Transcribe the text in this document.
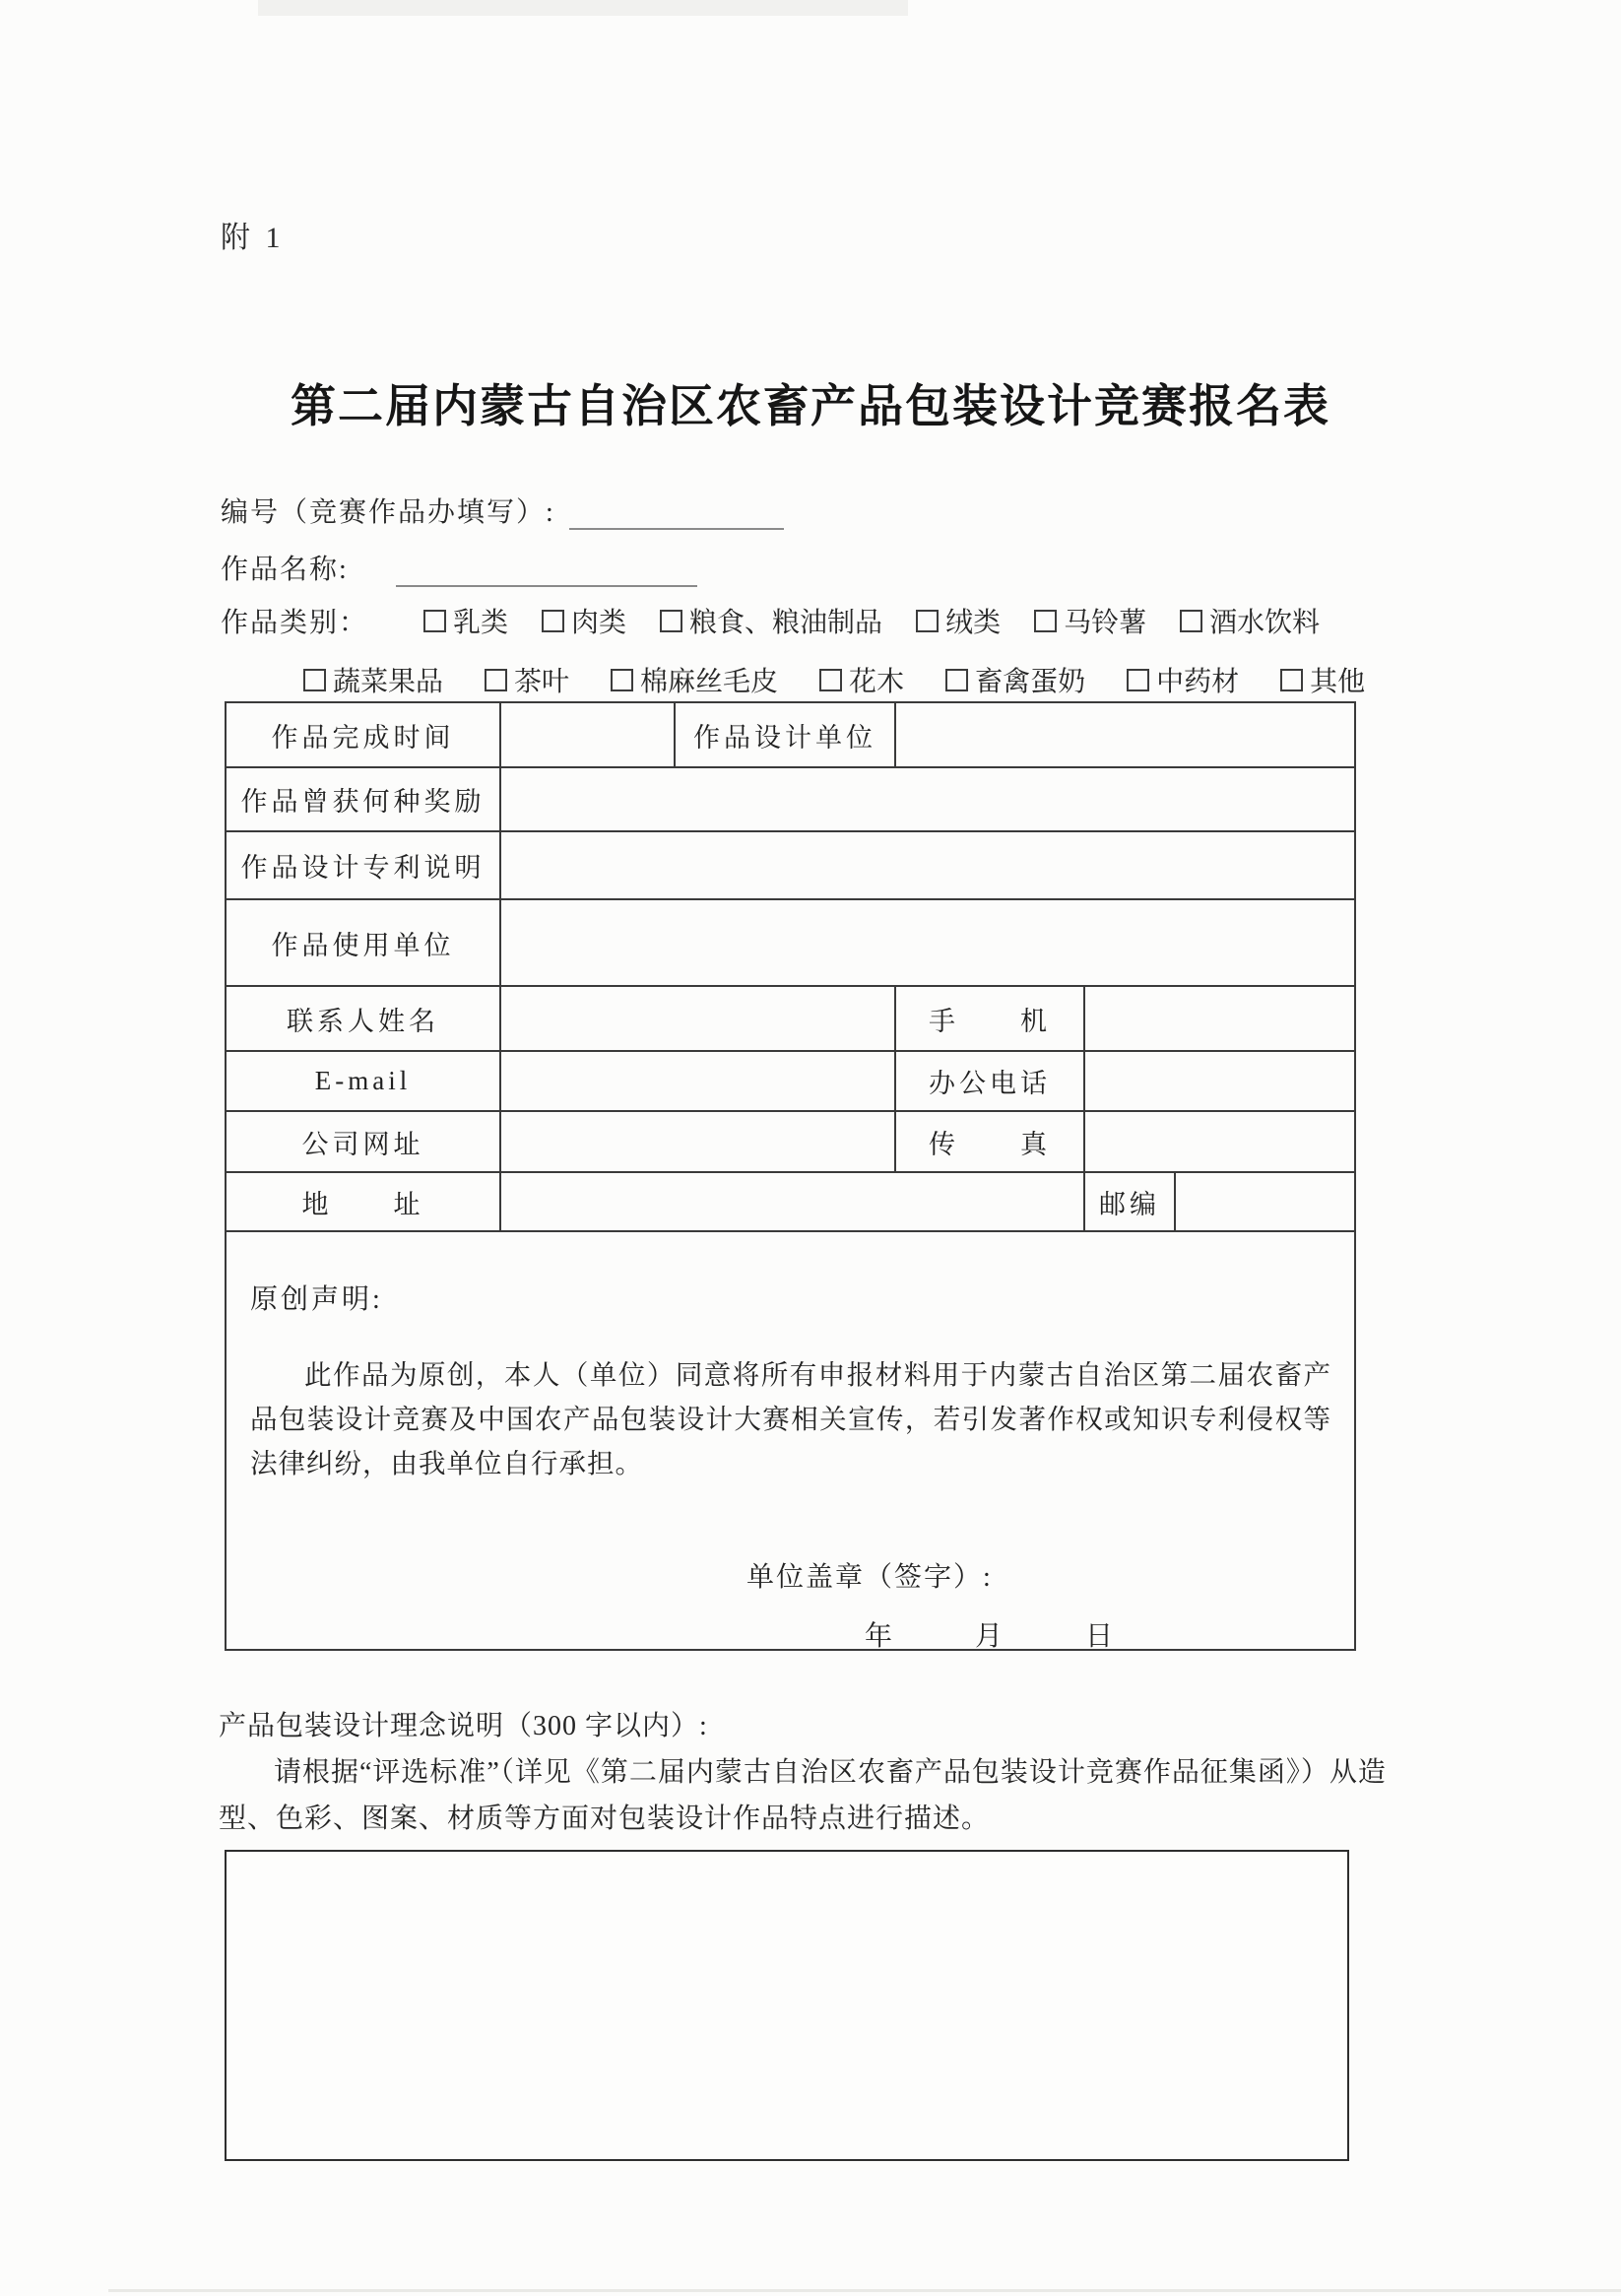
附 1
第二届内蒙古自治区农畜产品包装设计竞赛报名表
编号（竞赛作品办填写）:
作品名称:
作品类别：	乳类 肉类 粮食、粮油制品 绒类 马铃薯 酒水饮料
蔬菜果品	茶叶	棉麻丝毛皮	花木	畜禽蛋奶	中药材	其他
作品完成时间		作品设计单位			
作品曾获何种奖励					
作品设计专利说明					
作品使用单位					
联系人姓名			手　　机		
E-mail			办公电话		
公司网址			传　　真		
地　　址				邮编	

原创声明:
此作品为原创，本人（单位）同意将所有申报材料用于内蒙古自治区第二届农畜产品包装设计竞赛及中国农产品包装设计大赛相关宣传，若引发著作权或知识专利侵权等法律纠纷，由我单位自行承担。
单位盖章（签字）:
年　　　月　　　日					
产品包装设计理念说明（300 字以内）:
请根据“评选标准”（详见《第二届内蒙古自治区农畜产品包装设计竞赛作品征集函》）从造型、色彩、图案、材质等方面对包装设计作品特点进行描述。
